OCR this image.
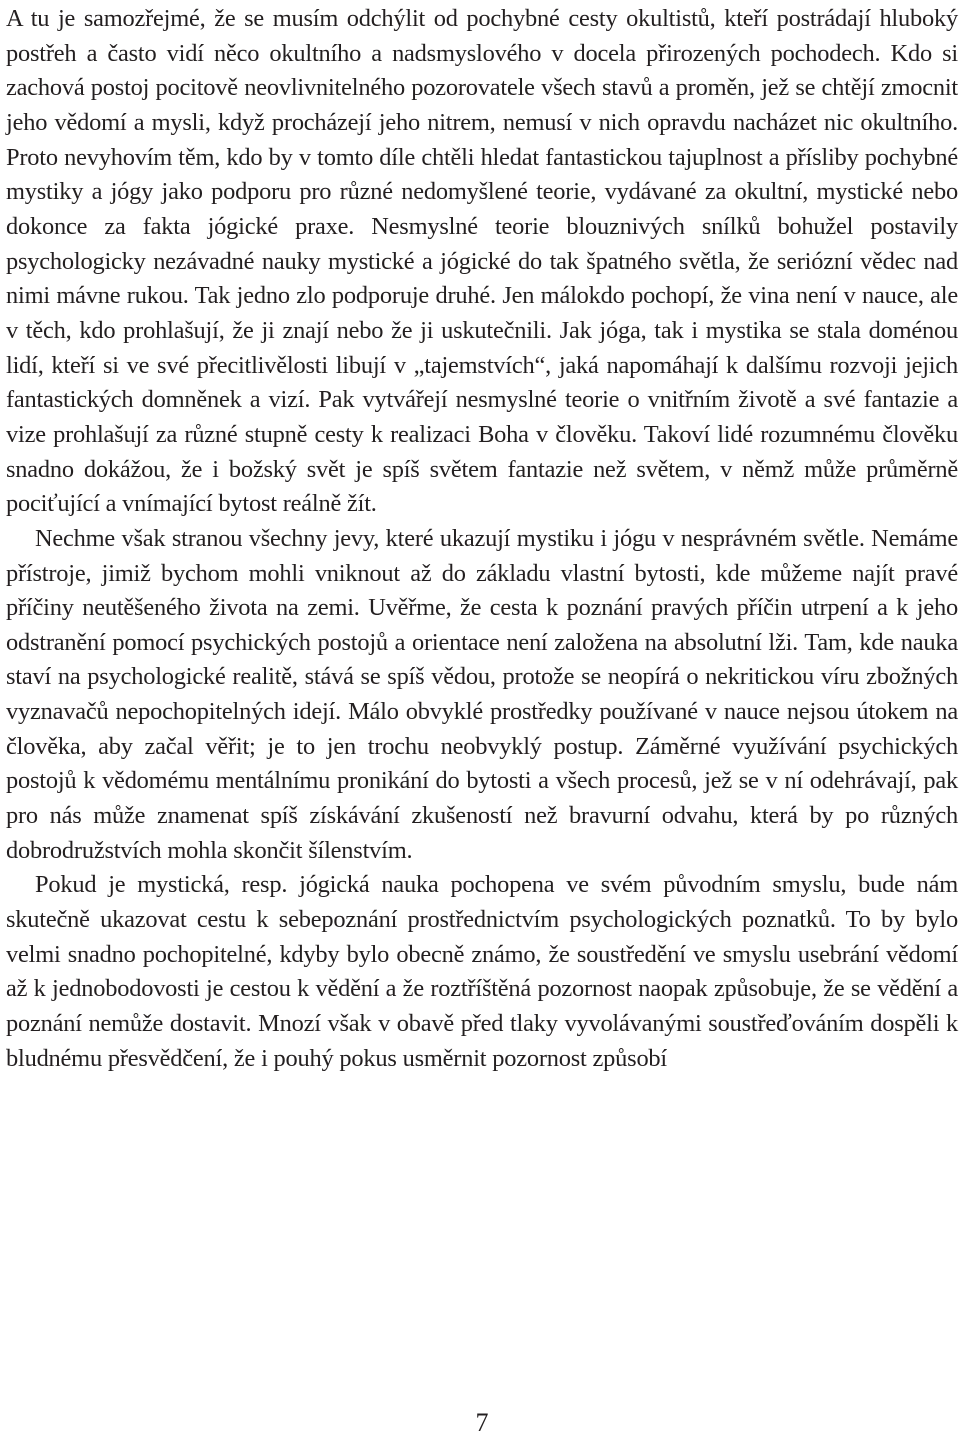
A tu je samozřejmé, že se musím odchýlit od pochybné cesty okultistů, kteří postrádají hluboký postřeh a často vidí něco okultního a nadsmyslového v docela přirozených pochodech. Kdo si zachová postoj pocitově neovlivnitelného pozorovatele všech stavů a proměn, jež se chtějí zmocnit jeho vědomí a mysli, když procházejí jeho nitrem, nemusí v nich opravdu nacházet nic okultního. Proto nevyhovím těm, kdo by v tomto díle chtěli hledat fantastickou tajuplnost a přísliby pochybné mystiky a jógy jako podporu pro různé nedomyšlené teorie, vydávané za okultní, mystické nebo dokonce za fakta jógické praxe. Nesmyslné teorie blouznivých snílků bohužel postavily psychologicky nezávadné nauky mystické a jógické do tak špatného světla, že seriózní vědec nad nimi mávne rukou. Tak jedno zlo podporuje druhé. Jen málokdo pochopí, že vina není v nauce, ale v těch, kdo prohlašují, že ji znají nebo že ji uskutečnili. Jak jóga, tak i mystika se stala doménou lidí, kteří si ve své přecitlivělosti libují v „tajemstvích“, jaká napomáhají k dalšímu rozvoji jejich fantastických domněnek a vizí. Pak vytvářejí nesmyslné teorie o vnitřním životě a své fantazie a vize prohlašují za různé stupně cesty k realizaci Boha v člověku. Takoví lidé rozumnému člověku snadno dokážou, že i božský svět je spíš světem fantazie než světem, v němž může průměrně pociťující a vnímající bytost reálně žít.

Nechme však stranou všechny jevy, které ukazují mystiku i jógu v nesprávném světle. Nemáme přístroje, jimiž bychom mohli vniknout až do základu vlastní bytosti, kde můžeme najít pravé příčiny neutěšeného života na zemi. Uvěřme, že cesta k poznání pravých příčin utrpení a k jeho odstranění pomocí psychických postojů a orientace není založena na absolutní lži. Tam, kde nauka staví na psychologické realitě, stává se spíš vědou, protože se neopírá o nekritickou víru zbožných vyznavačů nepochopitelných idejí. Málo obvyklé prostředky používané v nauce nejsou útokem na člověka, aby začal věřit; je to jen trochu neobvyklý postup. Záměrné využívání psychických postojů k vědomému mentálnímu pronikání do bytosti a všech procesů, jež se v ní odehrávají, pak pro nás může znamenat spíš získávání zkušeností než bravurní odvahu, která by po různých dobrodružstvích mohla skončit šílenstvím.

Pokud je mystická, resp. jógická nauka pochopena ve svém původním smyslu, bude nám skutečně ukazovat cestu k sebepoznání prostřednictvím psychologických poznatků. To by bylo velmi snadno pochopitelné, kdyby bylo obecně známo, že soustředění ve smyslu usebrání vědomí až k jednobodovosti je cestou k vědění a že roztříštěná pozornost naopak způsobuje, že se vědění a poznání nemůže dostavit. Mnozí však v obavě před tlaky vyvolávanými soustřeďováním dospěli k bludnému přesvědčení, že i pouhý pokus usměrnit pozornost způsobí

7
